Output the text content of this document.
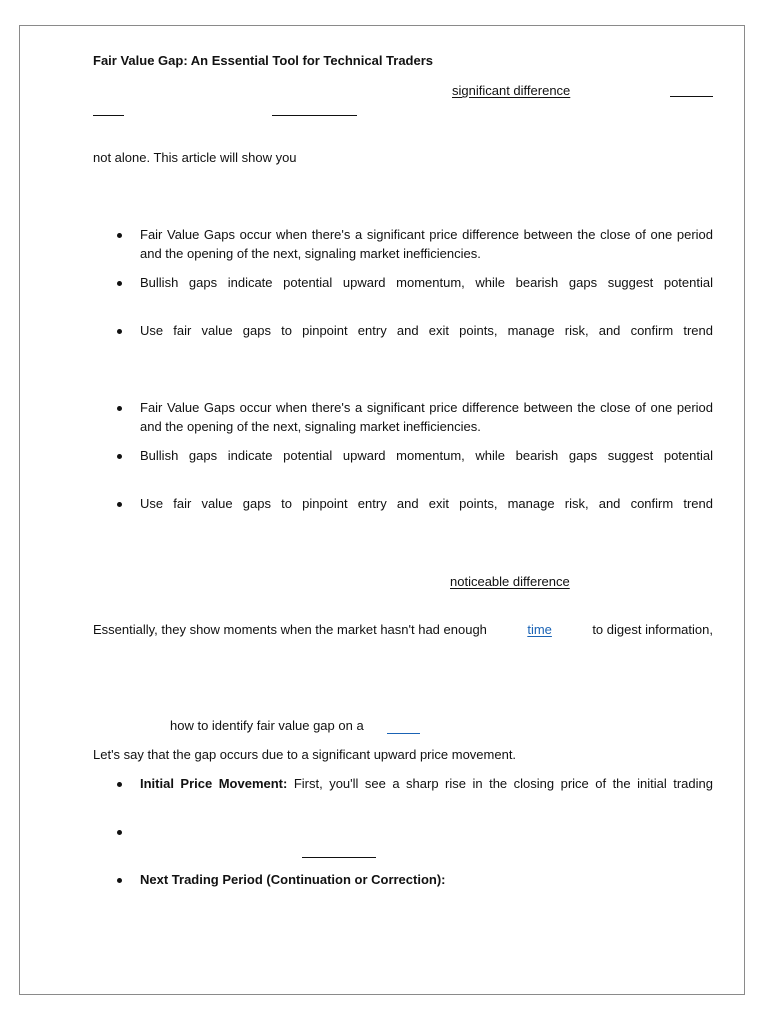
Fair Value Gap: An Essential Tool for Technical Traders
significant difference
not alone. This article will show you
Fair Value Gaps occur when there's a significant price difference between the close of one period and the opening of the next, signaling market inefficiencies.
Bullish gaps indicate potential upward momentum, while bearish gaps suggest potential
Use fair value gaps to pinpoint entry and exit points, manage risk, and confirm trend
Fair Value Gaps occur when there's a significant price difference between the close of one period and the opening of the next, signaling market inefficiencies.
Bullish gaps indicate potential upward momentum, while bearish gaps suggest potential
Use fair value gaps to pinpoint entry and exit points, manage risk, and confirm trend
noticeable difference
Essentially, they show moments when the market hasn't had enough	time	to digest information,
how to identify fair value gap on a
Let's say that the gap occurs due to a significant upward price movement.
Initial Price Movement: First, you'll see a sharp rise in the closing price of the initial trading
Next Trading Period (Continuation or Correction):
